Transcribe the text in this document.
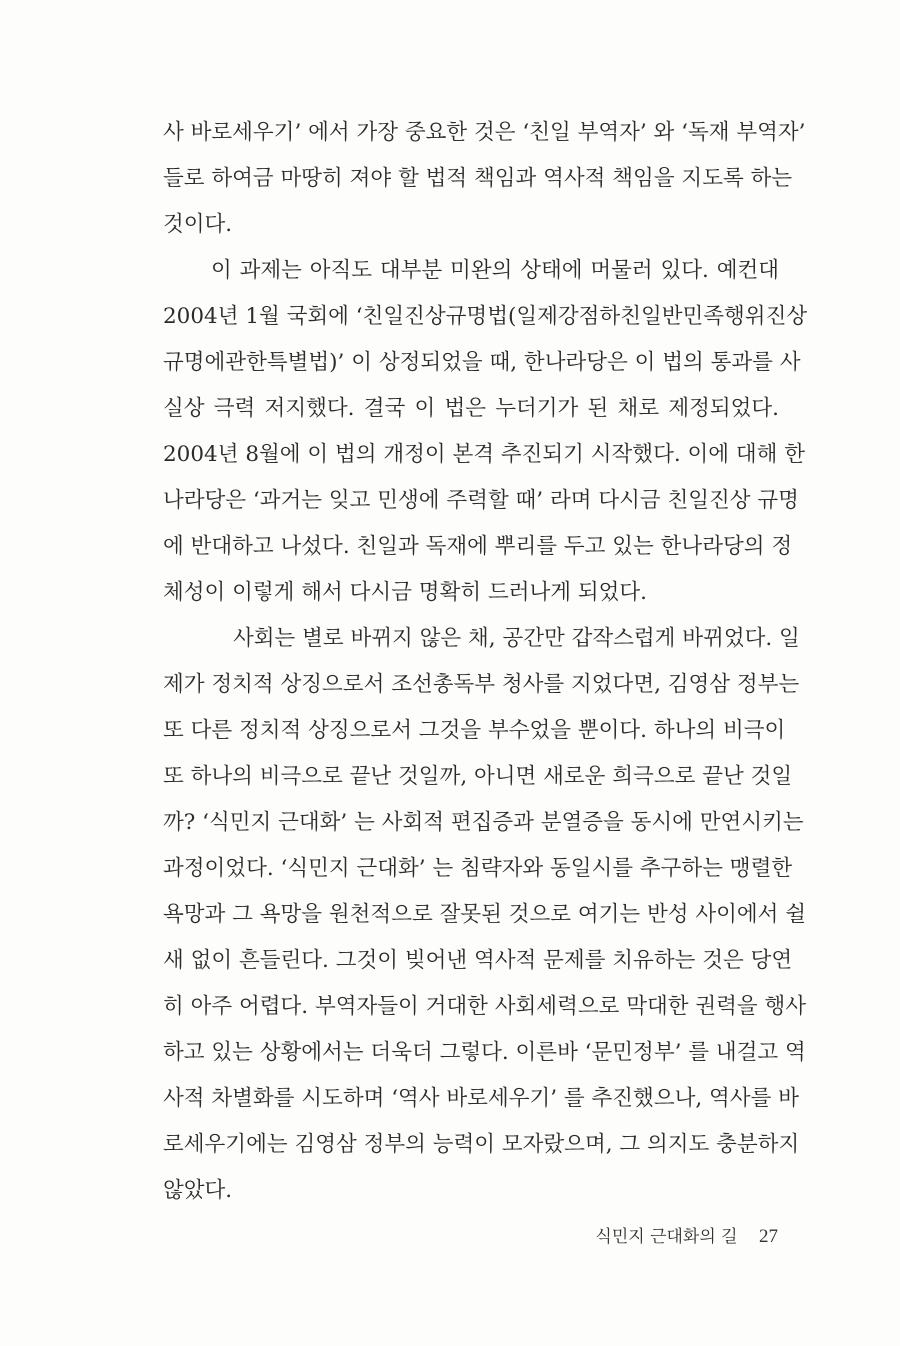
사 바로세우기’ 에서 가장 중요한 것은 ‘친일 부역자’ 와 ‘독재 부역자’
들로 하여금 마땅히 져야 할 법적 책임과 역사적 책임을 지도록 하는
것이다.
이 과제는 아직도 대부분 미완의 상태에 머물러 있다. 예컨대
2004년 1월 국회에 ‘친일진상규명법(일제강점하친일반민족행위진상
규명에관한특별법)’ 이 상정되었을 때, 한나라당은 이 법의 통과를 사
실상 극력 저지했다. 결국 이 법은 누더기가 된 채로 제정되었다.
2004년 8월에 이 법의 개정이 본격 추진되기 시작했다. 이에 대해 한
나라당은 ‘과거는 잊고 민생에 주력할 때’ 라며 다시금 친일진상 규명
에 반대하고 나섰다. 친일과 독재에 뿌리를 두고 있는 한나라당의 정
체성이 이렇게 해서 다시금 명확히 드러나게 되었다.
사회는 별로 바뀌지 않은 채, 공간만 갑작스럽게 바뀌었다. 일
제가 정치적 상징으로서 조선총독부 청사를 지었다면, 김영삼 정부는
또 다른 정치적 상징으로서 그것을 부수었을 뿐이다. 하나의 비극이
또 하나의 비극으로 끝난 것일까, 아니면 새로운 희극으로 끝난 것일
까? ‘식민지 근대화’ 는 사회적 편집증과 분열증을 동시에 만연시키는
과정이었다. ‘식민지 근대화’ 는 침략자와 동일시를 추구하는 맹렬한
욕망과 그 욕망을 원천적으로 잘못된 것으로 여기는 반성 사이에서 쉴
새 없이 흔들린다. 그것이 빚어낸 역사적 문제를 치유하는 것은 당연
히 아주 어렵다. 부역자들이 거대한 사회세력으로 막대한 권력을 행사
하고 있는 상황에서는 더욱더 그렇다. 이른바 ‘문민정부’ 를 내걸고 역
사적 차별화를 시도하며 ‘역사 바로세우기’ 를 추진했으나, 역사를 바
로세우기에는 김영삼 정부의 능력이 모자랐으며, 그 의지도 충분하지
않았다.
식민지 근대화의 길 27
